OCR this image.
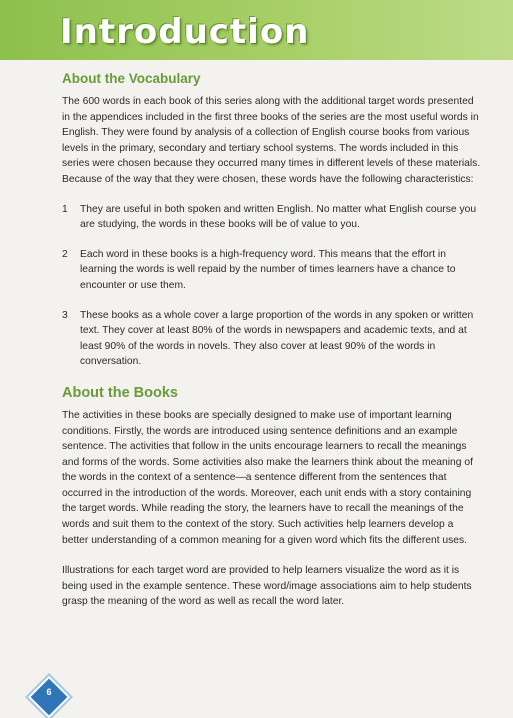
Introduction
About the Vocabulary

The 600 words in each book of this series along with the additional target words presented in the appendices included in the first three books of the series are the most useful words in English. They were found by analysis of a collection of English course books from various levels in the primary, secondary and tertiary school systems. The words included in this series were chosen because they occurred many times in different levels of these materials. Because of the way that they were chosen, these words have the following characteristics:

1	They are useful in both spoken and written English. No matter what English course you are studying, the words in these books will be of value to you.
2	Each word in these books is a high-frequency word. This means that the effort in learning the words is well repaid by the number of times learners have a chance to encounter or use them.
3	These books as a whole cover a large proportion of the words in any spoken or written text. They cover at least 80% of the words in newspapers and academic texts, and at least 90% of the words in novels. They also cover at least 90% of the words in conversation.
About the Books

The activities in these books are specially designed to make use of important learning conditions. Firstly, the words are introduced using sentence definitions and an example sentence. The activities that follow in the units encourage learners to recall the meanings and forms of the words. Some activities also make the learners think about the meaning of the words in the context of a sentence—a sentence different from the sentences that occurred in the introduction of the words. Moreover, each unit ends with a story containing the target words. While reading the story, the learners have to recall the meanings of the words and suit them to the context of the story. Such activities help learners develop a better understanding of a common meaning for a given word which fits the different uses.

Illustrations for each target word are provided to help learners visualize the word as it is being used in the example sentence. These word/image associations aim to help students grasp the meaning of the word as well as recall the word later.

6
